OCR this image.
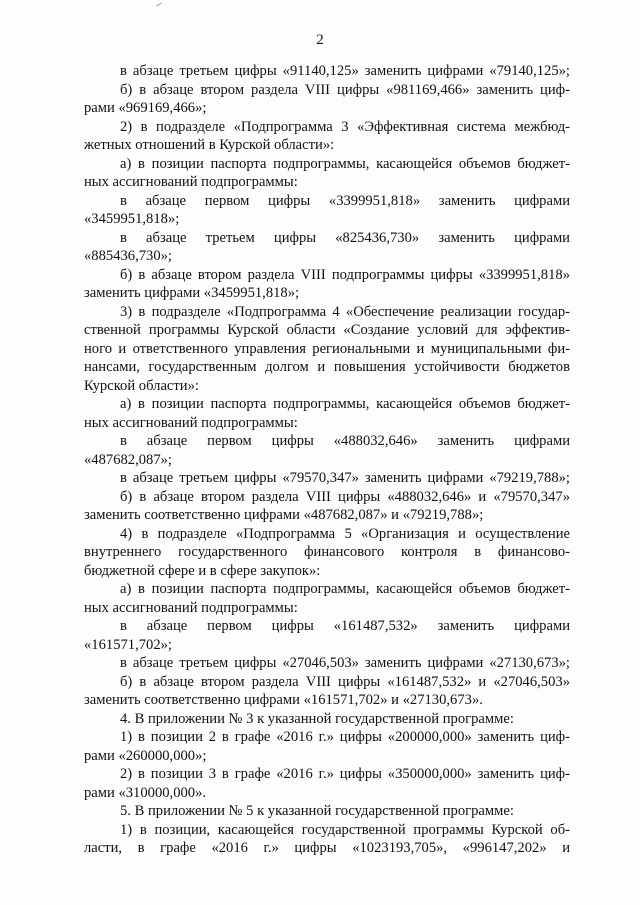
2
в абзаце третьем цифры «91140,125» заменить цифрами «79140,125»;
б) в абзаце втором раздела VIII цифры «981169,466» заменить циф-
рами «969169,466»;
2) в подразделе «Подпрограмма 3 «Эффективная система межбюд-
жетных отношений в Курской области»:
а) в позиции паспорта подпрограммы, касающейся объемов бюджет-
ных ассигнований подпрограммы:
в абзаце первом цифры «3399951,818» заменить цифрами
«3459951,818»;
в абзаце третьем цифры «825436,730» заменить цифрами
«885436,730»;
б) в абзаце втором раздела VIII подпрограммы цифры «3399951,818»
заменить цифрами «3459951,818»;
3) в подразделе «Подпрограмма 4 «Обеспечение реализации государ-
ственной программы Курской области «Создание условий для эффектив-
ного и ответственного управления региональными и муниципальными фи-
нансами, государственным долгом и повышения устойчивости бюджетов
Курской области»:
а) в позиции паспорта подпрограммы, касающейся объемов бюджет-
ных ассигнований подпрограммы:
в абзаце первом цифры «488032,646» заменить цифрами
«487682,087»;
в абзаце третьем цифры «79570,347» заменить цифрами «79219,788»;
б) в абзаце втором раздела VIII цифры «488032,646» и «79570,347»
заменить соответственно цифрами «487682,087» и «79219,788»;
4) в подразделе «Подпрограмма 5 «Организация и осуществление
внутреннего государственного финансового контроля в финансово-
бюджетной сфере и в сфере закупок»:
а) в позиции паспорта подпрограммы, касающейся объемов бюджет-
ных ассигнований подпрограммы:
в абзаце первом цифры «161487,532» заменить цифрами
«161571,702»;
в абзаце третьем цифры «27046,503» заменить цифрами «27130,673»;
б) в абзаце втором раздела VIII цифры «161487,532» и «27046,503»
заменить соответственно цифрами «161571,702» и «27130,673».
4. В приложении № 3 к указанной государственной программе:
1) в позиции 2 в графе «2016 г.» цифры «200000,000» заменить циф-
рами «260000,000»;
2) в позиции 3 в графе «2016 г.» цифры «350000,000» заменить циф-
рами «310000,000».
5. В приложении № 5 к указанной государственной программе:
1) в позиции, касающейся государственной программы Курской об-
ласти, в графе «2016 г.» цифры «1023193,705», «996147,202» и
